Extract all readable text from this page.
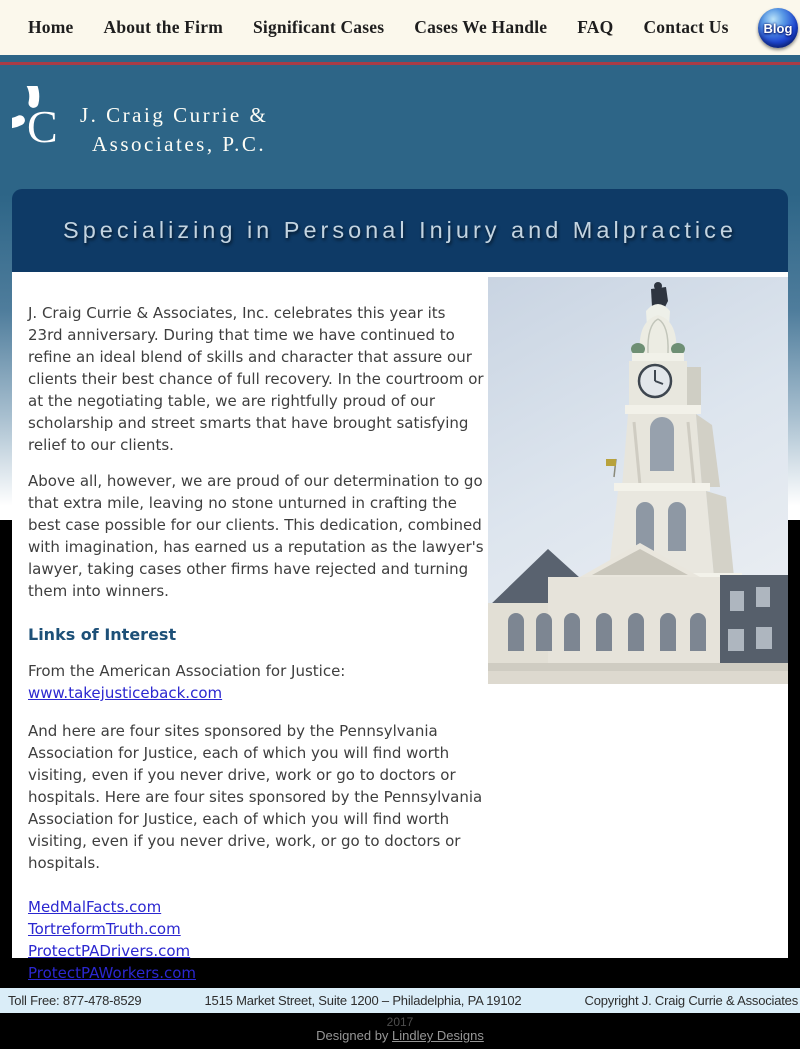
Home About the Firm Significant Cases Cases We Handle FAQ Contact Us	Blog
C J. Craig Currie &
Associates, P.C.
Specializing in Personal Injury and Malpractice

J. Craig Currie & Associates, Inc. celebrates this year its 23rd anniversary. During that time we have continued to refine an ideal blend of skills and character that assure our clients their best chance of full recovery. In the courtroom or at the negotiating table, we are rightfully proud of our scholarship and street smarts that have brought satisfying relief to our clients.

Above all, however, we are proud of our determination to go that extra mile, leaving no stone unturned in crafting the best case possible for our clients. This dedication, combined with imagination, has earned us a reputation as the lawyer's lawyer, taking cases other firms have rejected and turning them into winners.

Links of Interest

From the American Association for Justice:
www.takejusticeback.com

And here are four sites sponsored by the Pennsylvania Association for Justice, each of which you will find worth visiting, even if you never drive, work or go to doctors or hospitals. Here are four sites sponsored by the Pennsylvania Association for Justice, each of which you will find worth visiting, even if you never drive, work, or go to doctors or hospitals.

MedMalFacts.com
TortreformTruth.com
ProtectPADrivers.com
ProtectPAWorkers.com
Toll Free: 877-478-8529	1515 Market Street, Suite 1200 – Philadelphia, PA 19102	Copyright J. Craig Currie & Associates
2017
Designed by Lindley Designs
